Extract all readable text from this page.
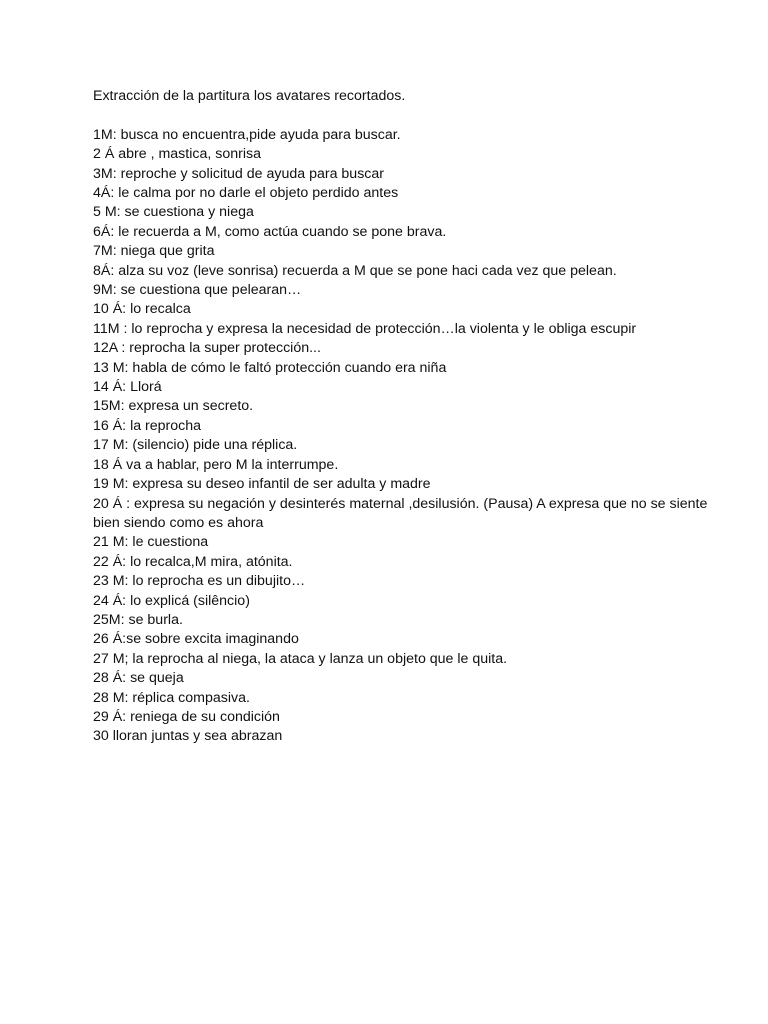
Extracción de la partitura los avatares recortados.

1M: busca no encuentra,pide ayuda para buscar.
2 Á abre , mastica, sonrisa
3M: reproche y solicitud de ayuda para buscar
4Á: le calma por no darle el objeto perdido antes
5 M: se cuestiona y niega
6Á: le recuerda a M, como actúa cuando se pone brava.
7M: niega que grita
8Á: alza su voz (leve sonrisa) recuerda a M que se pone haci cada vez que pelean.
9M: se cuestiona que pelearan…
10 Á: lo recalca
11M : lo reprocha y expresa la necesidad de protección…la violenta y le obliga escupir
12A : reprocha la super protección...
13 M: habla de cómo le faltó protección cuando era niña
14 Á: Llorá
15M: expresa un secreto.
16 Á: la reprocha
17 M: (silencio) pide una réplica.
18 Á va a hablar, pero M la interrumpe.
19 M: expresa su deseo infantil de ser adulta y madre
20 Á : expresa su negación y desinterés maternal ,desilusión. (Pausa) A expresa que no se siente bien siendo como es ahora
21 M: le cuestiona
22 Á: lo recalca,M mira, atónita.
23 M: lo reprocha es un dibujito…
24 Á: lo explicá (silêncio)
25M: se burla.
26 Á:se sobre excita imaginando
27 M; la reprocha al niega, la ataca y lanza un objeto que le quita.
28 Á: se queja
28 M: réplica compasiva.
29 Á: reniega de su condición
30 lloran juntas y sea abrazan
